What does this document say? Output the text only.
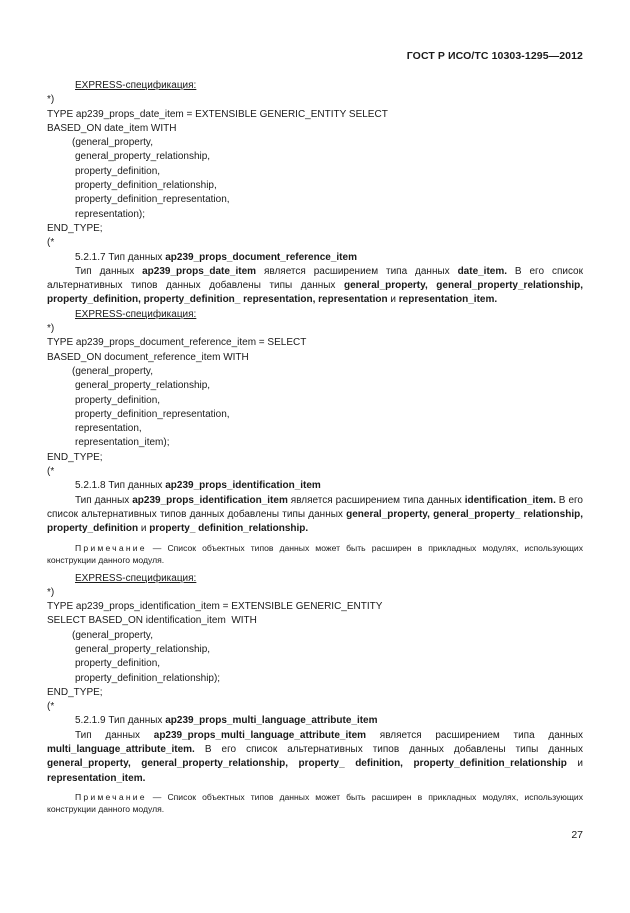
ГОСТ Р ИСО/ТС 10303-1295—2012
EXPRESS-спецификация:
*)
TYPE ap239_props_date_item = EXTENSIBLE GENERIC_ENTITY SELECT
BASED_ON date_item WITH
(general_property,
general_property_relationship,
property_definition,
property_definition_relationship,
property_definition_representation,
representation);
END_TYPE;
(*
5.2.1.7 Тип данных ap239_props_document_reference_item
Тип данных ap239_props_date_item является расширением типа данных date_item. В его список альтернативных типов данных добавлены типы данных general_property, general_property_relationship, property_definition, property_definition_ representation, representation и representation_item.
EXPRESS-спецификация:
*)
TYPE ap239_props_document_reference_item = SELECT
BASED_ON document_reference_item WITH
(general_property,
general_property_relationship,
property_definition,
property_definition_representation,
representation,
representation_item);
END_TYPE;
(*
5.2.1.8 Тип данных ap239_props_identification_item
Тип данных ap239_props_identification_item является расширением типа данных identification_item. В его список альтернативных типов данных добавлены типы данных general_property, general_property_ relationship, property_definition и property_ definition_relationship.
Примечание — Список объектных типов данных может быть расширен в прикладных модулях, использующих конструкции данного модуля.
EXPRESS-спецификация:
*)
TYPE ap239_props_identification_item = EXTENSIBLE GENERIC_ENTITY
SELECT BASED_ON identification_item  WITH
(general_property,
general_property_relationship,
property_definition,
property_definition_relationship);
END_TYPE;
(*
5.2.1.9 Тип данных ap239_props_multi_language_attribute_item
Тип данных ap239_props_multi_language_attribute_item является расширением типа данных multi_language_attribute_item. В его список альтернативных типов данных добавлены типы данных general_property, general_property_relationship, property_ definition, property_definition_relationship и representation_item.
Примечание — Список объектных типов данных может быть расширен в прикладных модулях, использующих конструкции данного модуля.
27
